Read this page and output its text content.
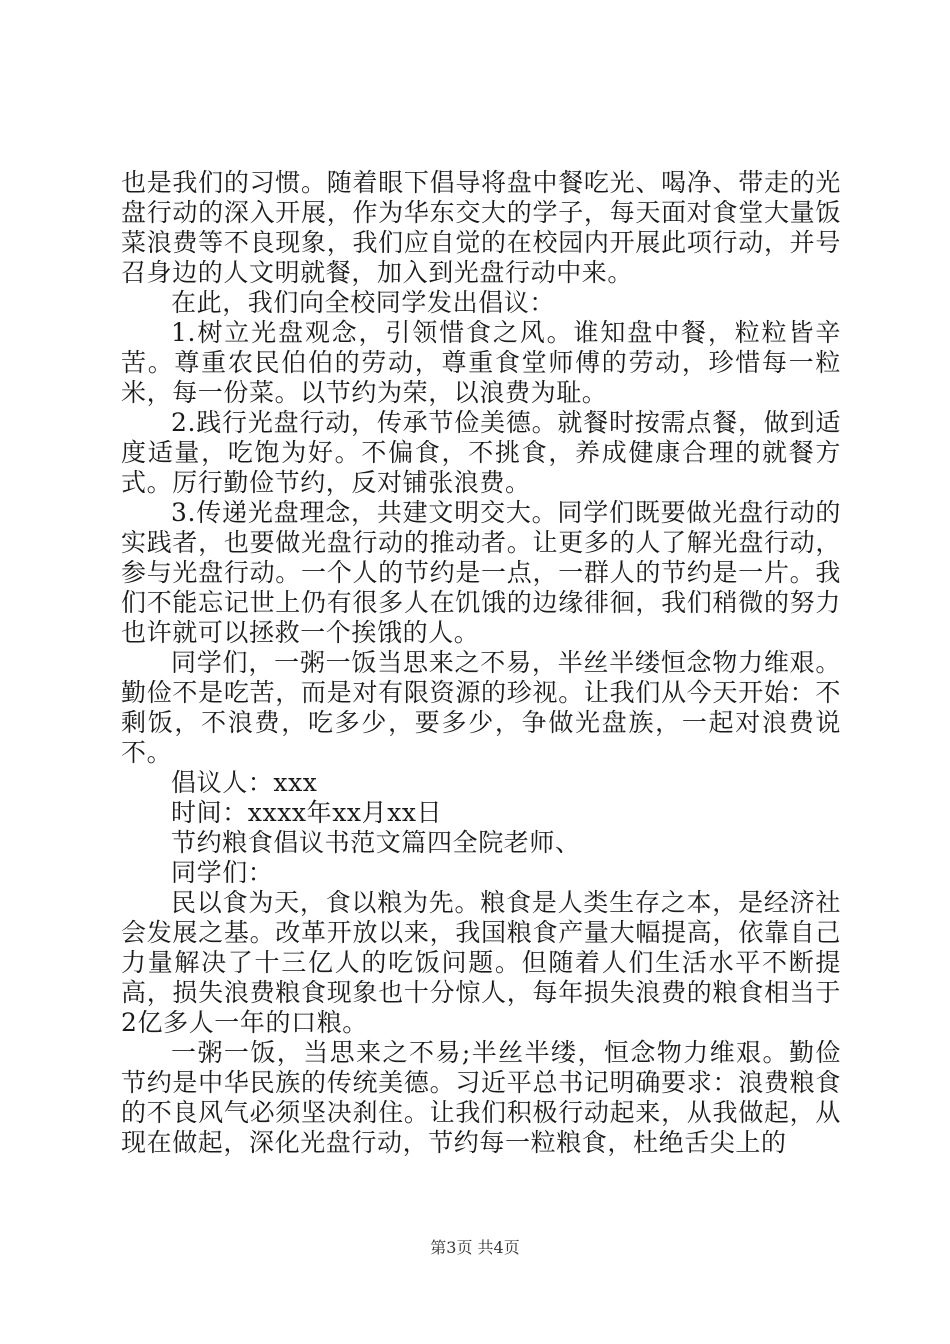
也是我们的习惯。随着眼下倡导将盘中餐吃光、喝净、带走的光盘行动的深入开展，作为华东交大的学子，每天面对食堂大量饭菜浪费等不良现象，我们应自觉的在校园内开展此项行动，并号召身边的人文明就餐，加入到光盘行动中来。

在此，我们向全校同学发出倡议：

1.树立光盘观念，引领惜食之风。谁知盘中餐，粒粒皆辛苦。尊重农民伯伯的劳动，尊重食堂师傅的劳动，珍惜每一粒米，每一份菜。以节约为荣，以浪费为耻。

2.践行光盘行动，传承节俭美德。就餐时按需点餐，做到适度适量，吃饱为好。不偏食，不挑食，养成健康合理的就餐方式。厉行勤俭节约，反对铺张浪费。

3.传递光盘理念，共建文明交大。同学们既要做光盘行动的实践者，也要做光盘行动的推动者。让更多的人了解光盘行动，参与光盘行动。一个人的节约是一点，一群人的节约是一片。我们不能忘记世上仍有很多人在饥饿的边缘徘徊，我们稍微的努力也许就可以拯救一个挨饿的人。

同学们，一粥一饭当思来之不易，半丝半缕恒念物力维艰。勤俭不是吃苦，而是对有限资源的珍视。让我们从今天开始：不剩饭，不浪费，吃多少，要多少，争做光盘族，一起对浪费说不。

倡议人：xxx

时间：xxxx年xx月xx日

节约粮食倡议书范文篇四全院老师、

同学们：

民以食为天，食以粮为先。粮食是人类生存之本，是经济社会发展之基。改革开放以来，我国粮食产量大幅提高，依靠自己力量解决了十三亿人的吃饭问题。但随着人们生活水平不断提高，损失浪费粮食现象也十分惊人，每年损失浪费的粮食相当于2亿多人一年的口粮。

一粥一饭，当思来之不易;半丝半缕，恒念物力维艰。勤俭节约是中华民族的传统美德。习近平总书记明确要求：浪费粮食的不良风气必须坚决刹住。让我们积极行动起来，从我做起，从现在做起，深化光盘行动，节约每一粒粮食，杜绝舌尖上的

第3页 共4页
